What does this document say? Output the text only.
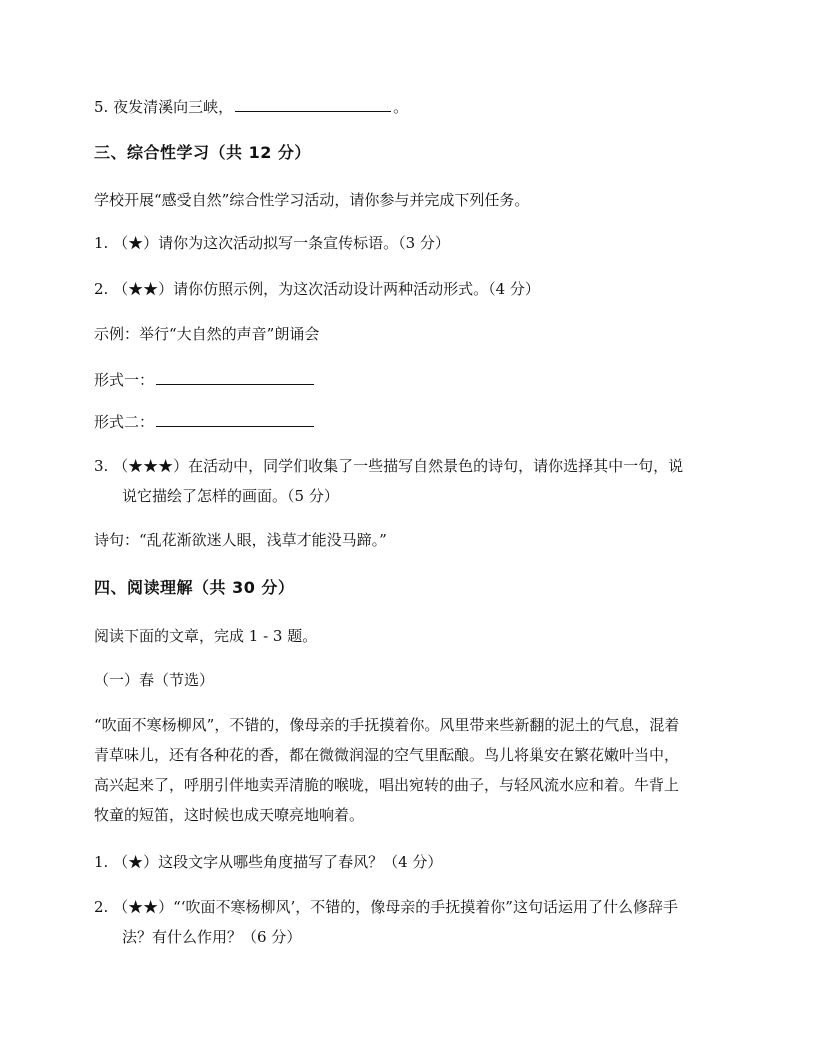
5. 夜发清溪向三峡，	。
三、综合性学习（共 12 分）
学校开展“感受自然”综合性学习活动，请你参与并完成下列任务。
1. （★）请你为这次活动拟写一条宣传标语。（3 分）
2. （★★）请你仿照示例，为这次活动设计两种活动形式。（4 分）
示例：举行“大自然的声音”朗诵会
形式一：
形式二：
3. （★★★）在活动中，同学们收集了一些描写自然景色的诗句，请你选择其中一句，说
说它描绘了怎样的画面。（5 分）
诗句：“乱花渐欲迷人眼，浅草才能没马蹄。”
四、阅读理解（共 30 分）
阅读下面的文章，完成 1 - 3 题。
（一）春（节选）
“吹面不寒杨柳风”，不错的，像母亲的手抚摸着你。风里带来些新翻的泥土的气息，混着
青草味儿，还有各种花的香，都在微微润湿的空气里酝酿。鸟儿将巢安在繁花嫩叶当中，
高兴起来了，呼朋引伴地卖弄清脆的喉咙，唱出宛转的曲子，与轻风流水应和着。牛背上
牧童的短笛，这时候也成天嘹亮地响着。
1. （★）这段文字从哪些角度描写了春风？（4 分）
2. （★★）“‘吹面不寒杨柳风’，不错的，像母亲的手抚摸着你”这句话运用了什么修辞手
法？有什么作用？（6 分）
